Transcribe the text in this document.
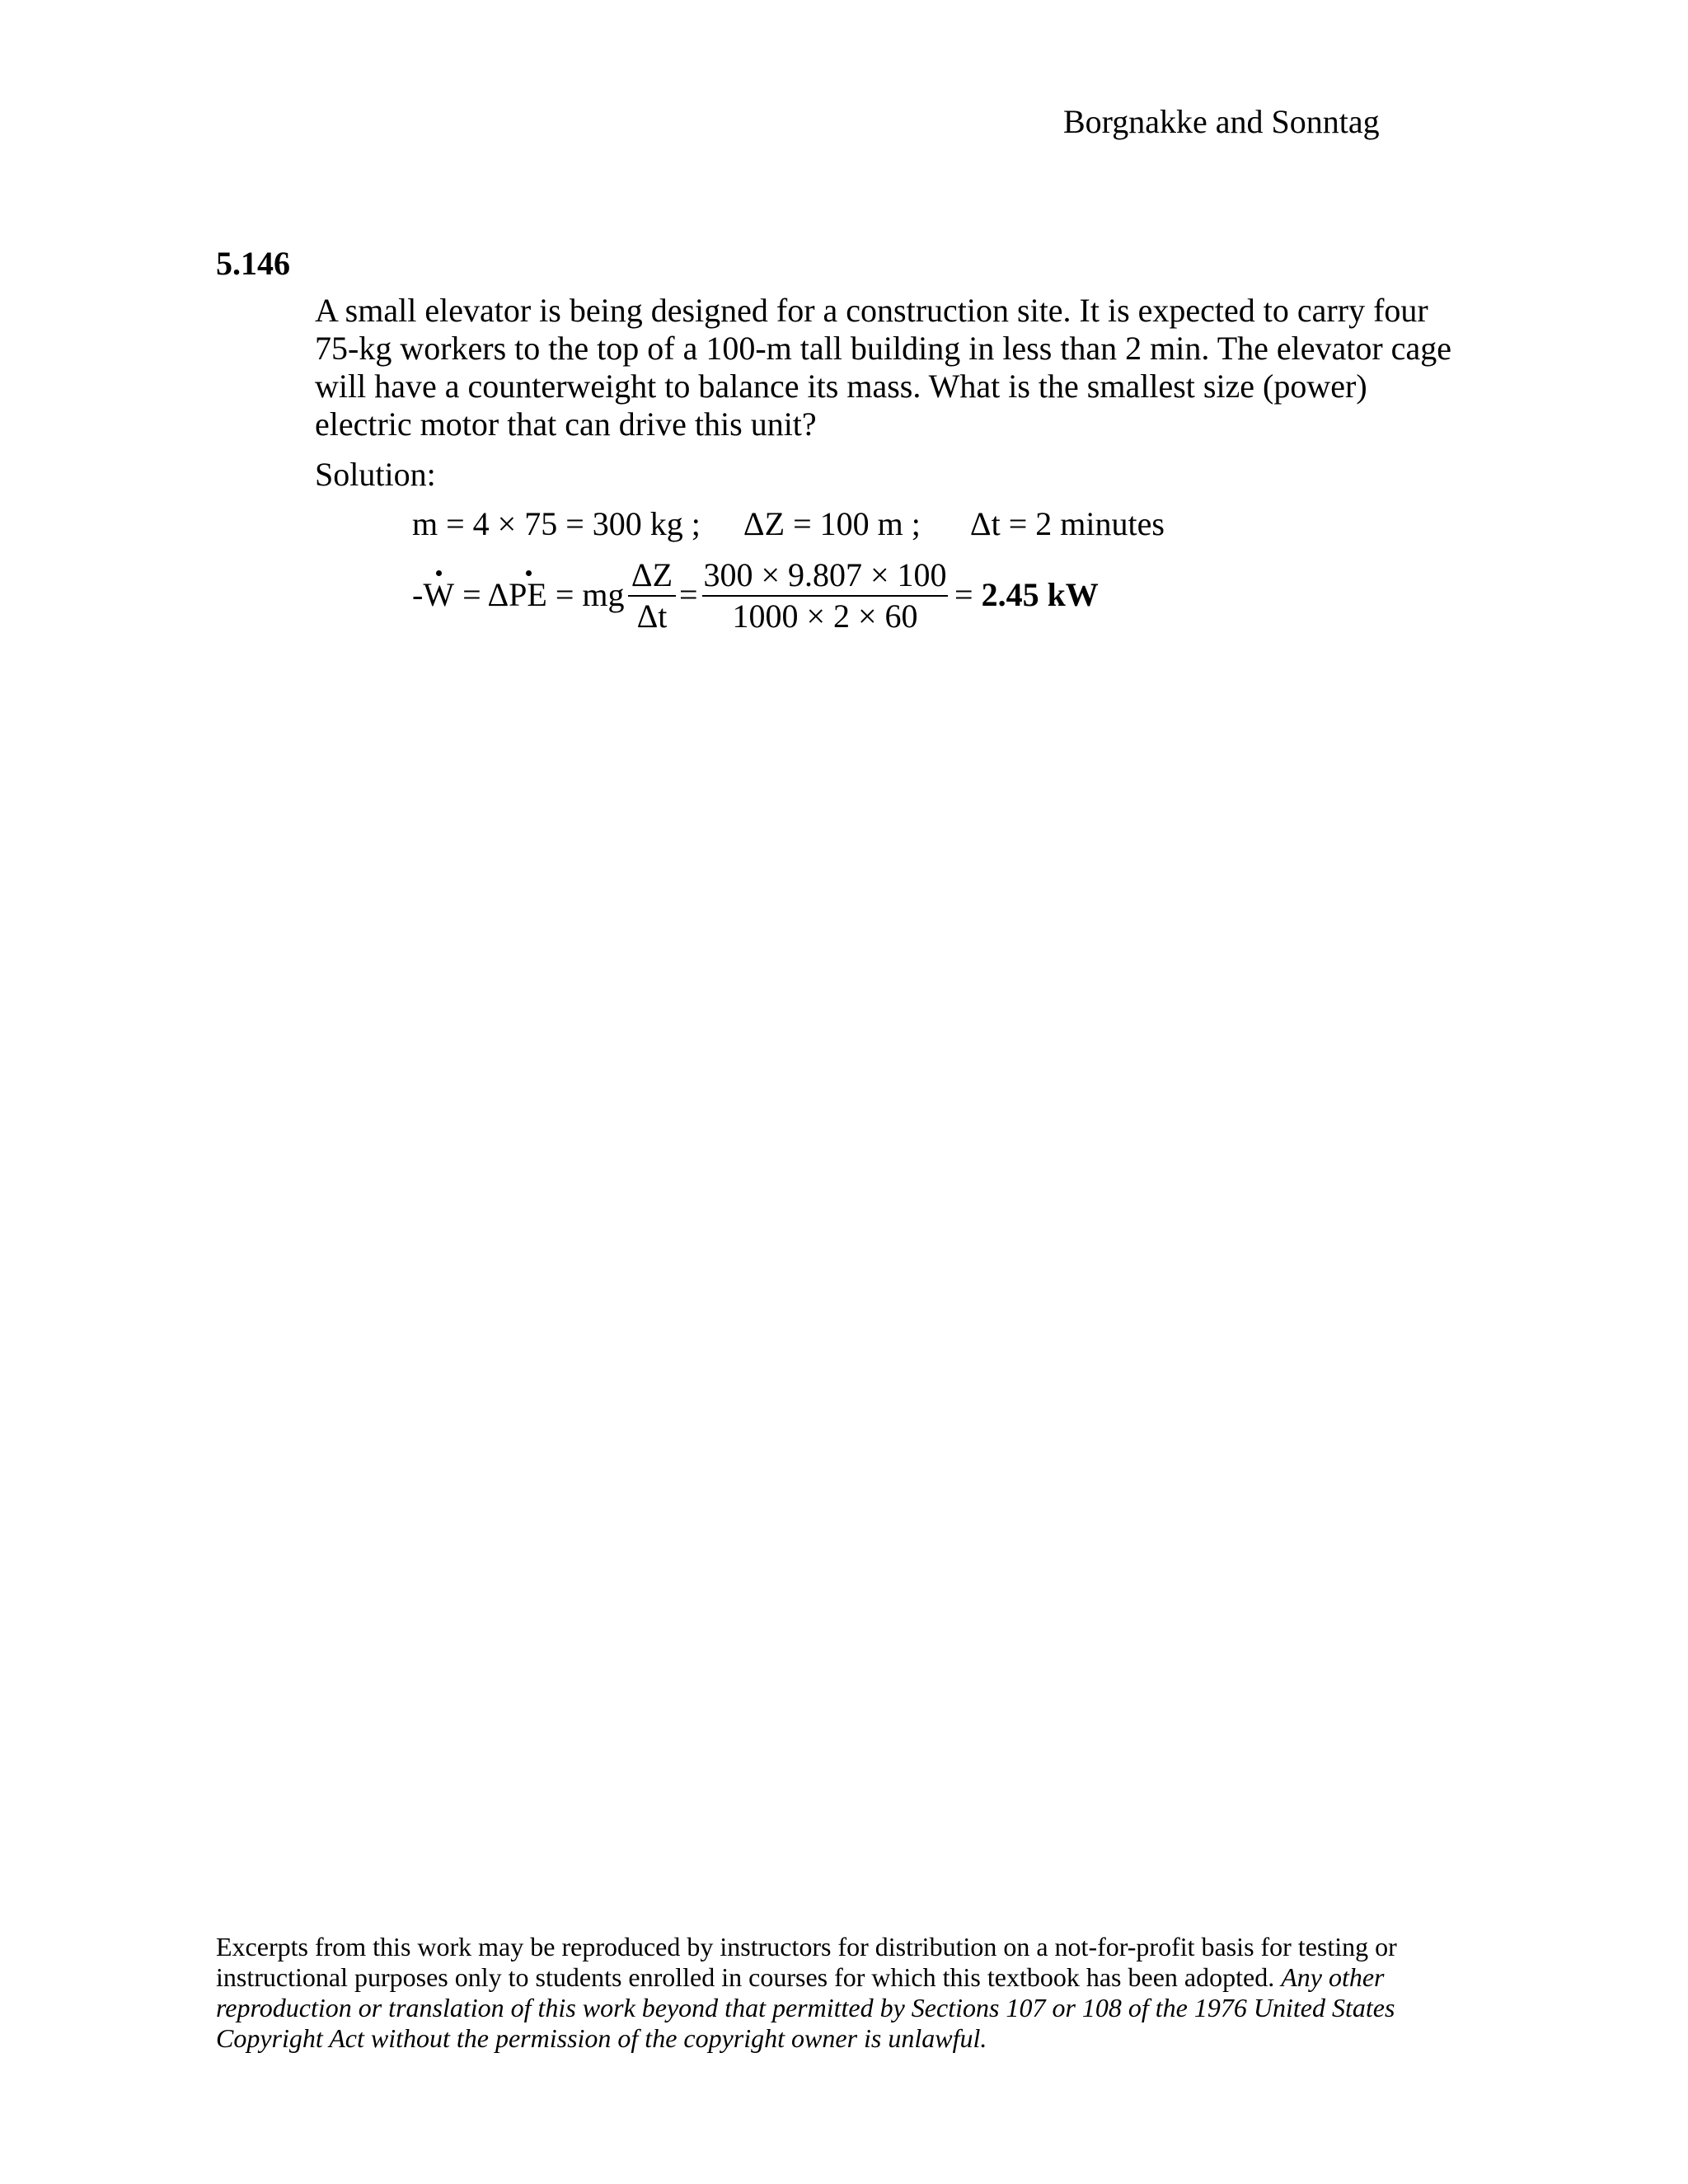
Borgnakke and Sonntag
5.146
A small elevator is being designed for a construction site. It is expected to carry four
75-kg workers to the top of a 100-m tall building in less than 2 min. The elevator cage
will have a counterweight to balance its mass. What is the smallest size (power)
electric motor that can drive this unit?
Solution:
m = 4 × 75 = 300 kg ; ΔZ = 100 m ; Δt = 2 minutes
-W = ΔPE = mg
ΔZ
Δt
=
300 × 9.807 × 100
1000 × 2 × 60
= 2.45 kW
Excerpts from this work may be reproduced by instructors for distribution on a not-for-profit basis for testing or
instructional purposes only to students enrolled in courses for which this textbook has been adopted. Any other
reproduction or translation of this work beyond that permitted by Sections 107 or 108 of the 1976 United States
Copyright Act without the permission of the copyright owner is unlawful.
